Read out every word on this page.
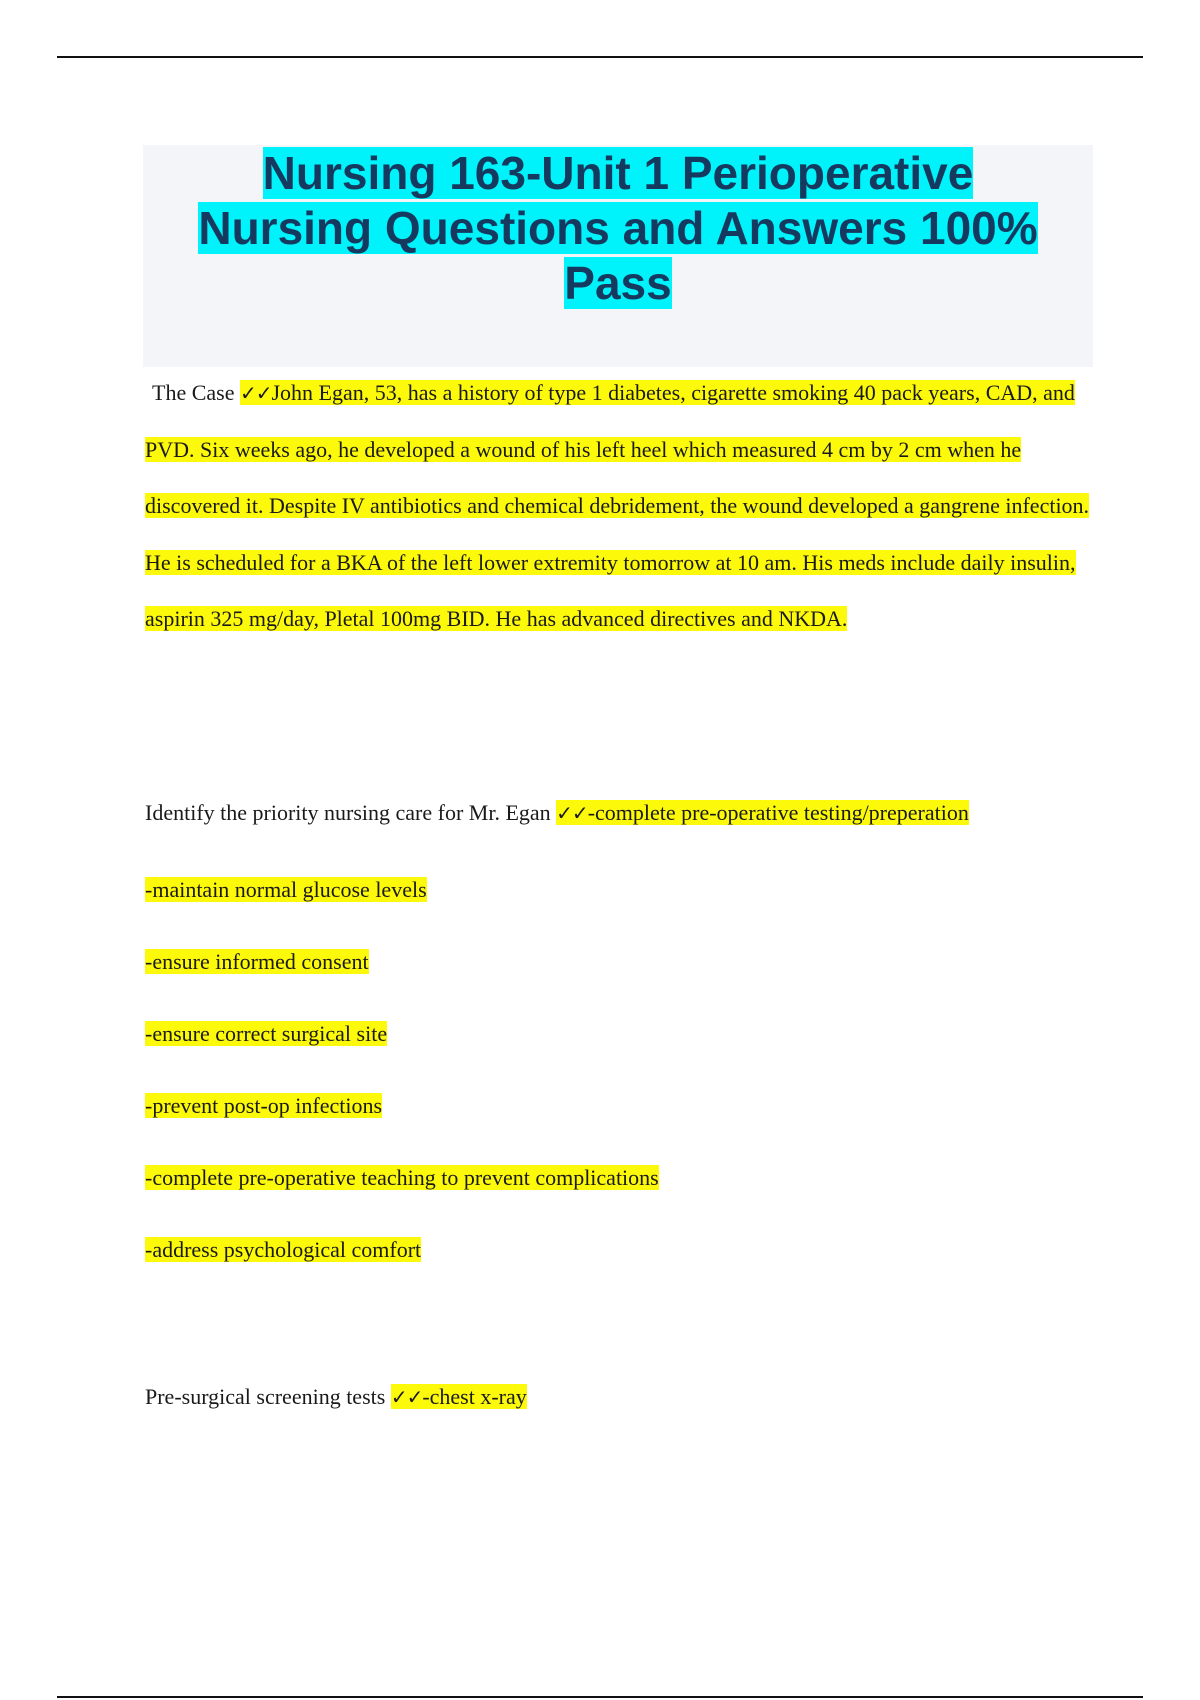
Nursing 163-Unit 1 Perioperative
Nursing Questions and Answers 100%
Pass
The Case ✓✓John Egan, 53, has a history of type 1 diabetes, cigarette smoking 40 pack years, CAD, and PVD. Six weeks ago, he developed a wound of his left heel which measured 4 cm by 2 cm when he discovered it. Despite IV antibiotics and chemical debridement, the wound developed a gangrene infection. He is scheduled for a BKA of the left lower extremity tomorrow at 10 am. His meds include daily insulin, aspirin 325 mg/day, Pletal 100mg BID. He has advanced directives and NKDA.
Identify the priority nursing care for Mr. Egan ✓✓-complete pre-operative testing/preperation
-maintain normal glucose levels
-ensure informed consent
-ensure correct surgical site
-prevent post-op infections
-complete pre-operative teaching to prevent complications
-address psychological comfort
Pre-surgical screening tests ✓✓-chest x-ray
